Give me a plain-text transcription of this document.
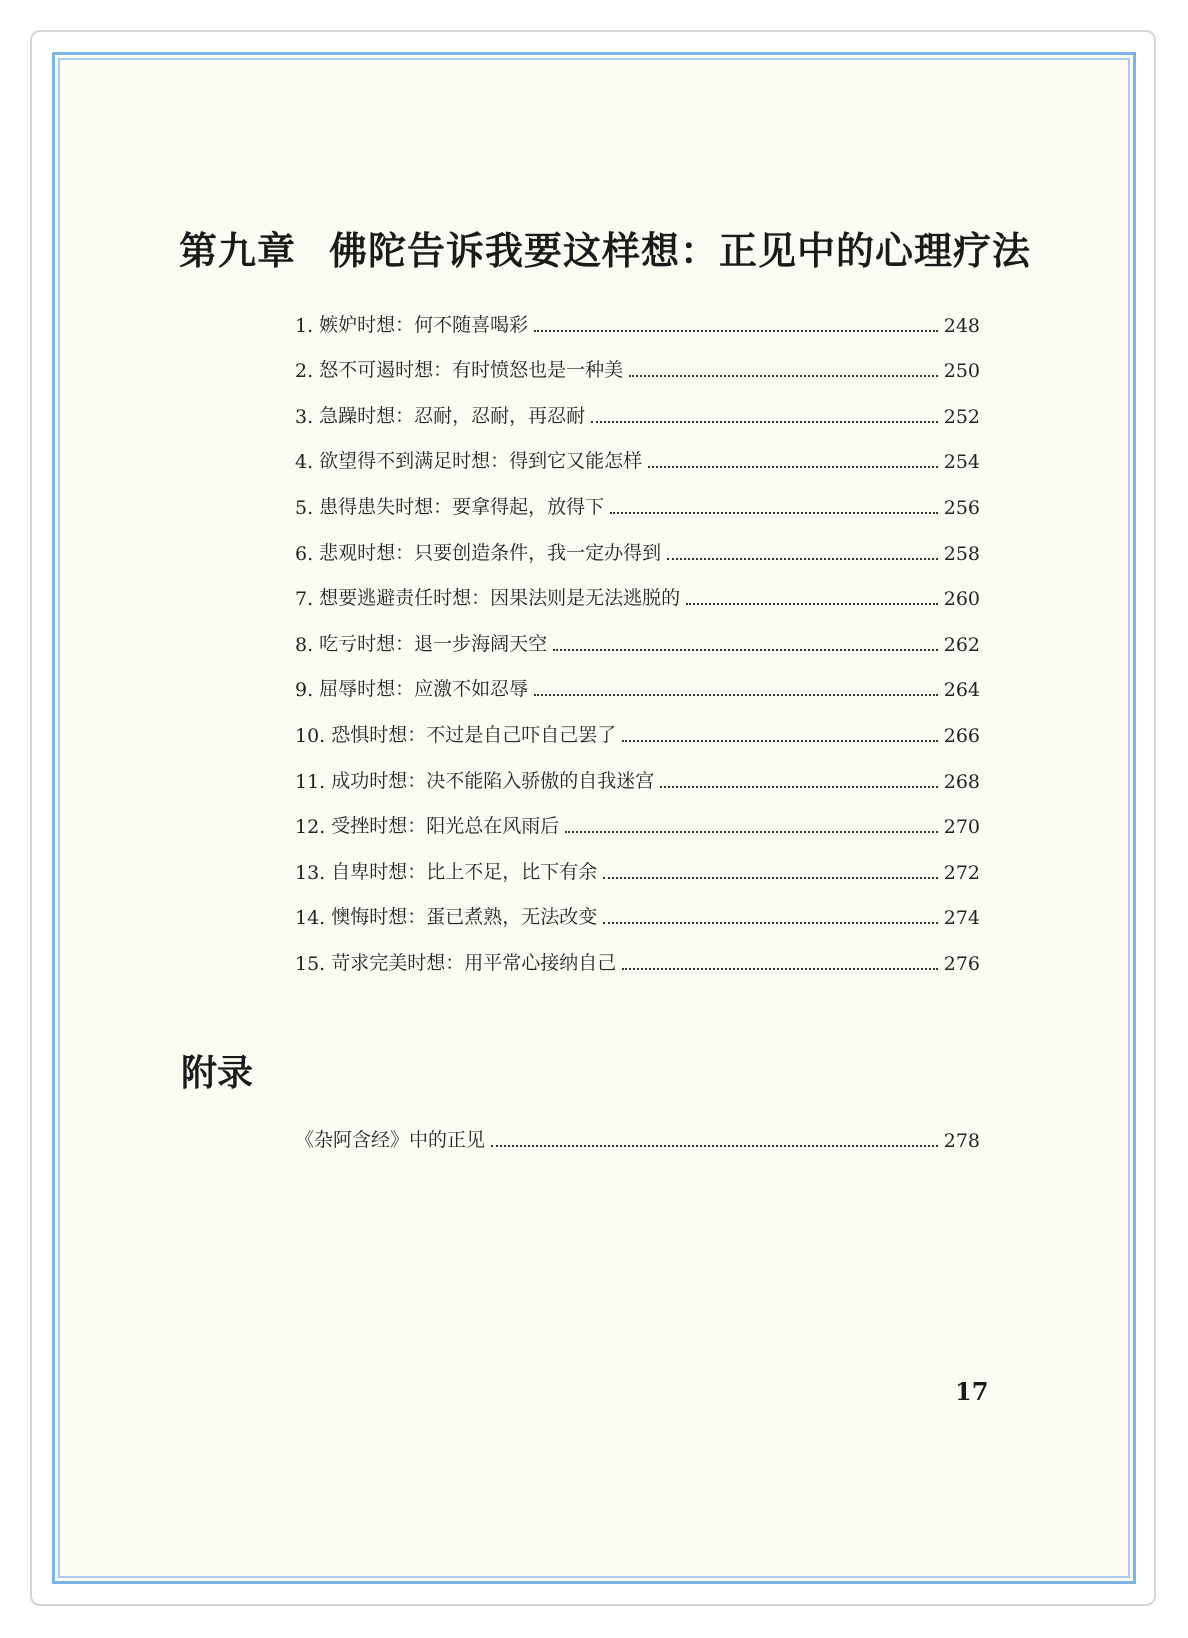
第九章 佛陀告诉我要这样想：正见中的心理疗法
1. 嫉妒时想：何不随喜喝彩	248
2. 怒不可遏时想：有时愤怒也是一种美	250
3. 急躁时想：忍耐，忍耐，再忍耐	252
4. 欲望得不到满足时想：得到它又能怎样	254
5. 患得患失时想：要拿得起，放得下	256
6. 悲观时想：只要创造条件，我一定办得到	258
7. 想要逃避责任时想：因果法则是无法逃脱的	260
8. 吃亏时想：退一步海阔天空	262
9. 屈辱时想：应激不如忍辱	264
10. 恐惧时想：不过是自己吓自己罢了	266
11. 成功时想：决不能陷入骄傲的自我迷宫	268
12. 受挫时想：阳光总在风雨后	270
13. 自卑时想：比上不足，比下有余	272
14. 懊悔时想：蛋已煮熟，无法改变	274
15. 苛求完美时想：用平常心接纳自己	276
附录
《杂阿含经》中的正见	278
17
